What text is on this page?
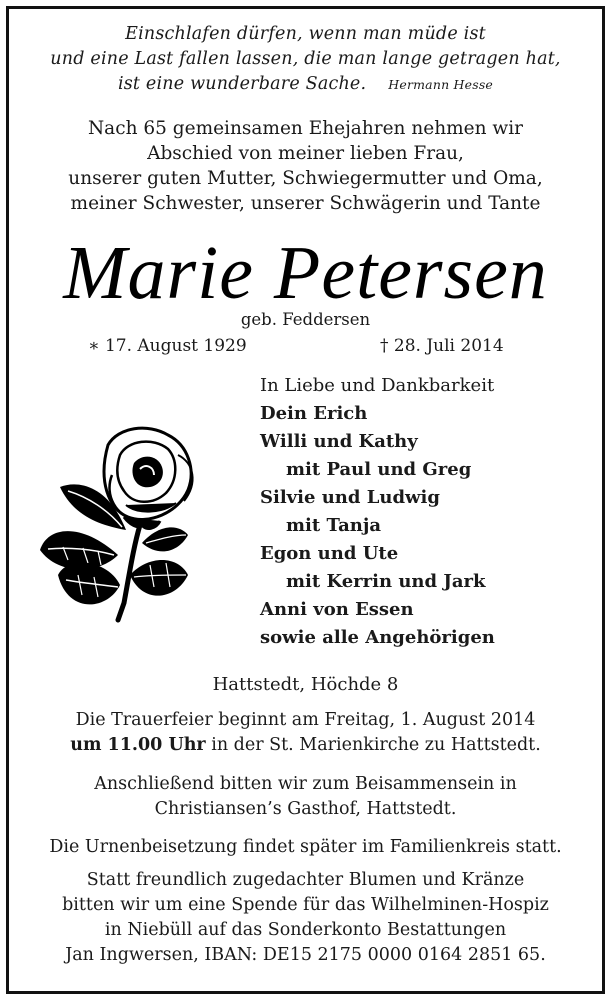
Einschlafen dürfen, wenn man müde ist
und eine Last fallen lassen, die man lange getragen hat,
ist eine wunderbare Sache. Hermann Hesse
Nach 65 gemeinsamen Ehejahren nehmen wir
Abschied von meiner lieben Frau,
unserer guten Mutter, Schwiegermutter und Oma,
meiner Schwester, unserer Schwägerin und Tante
Marie Petersen
geb. Feddersen
∗ 17. August 1929	† 28. Juli 2014
In Liebe und Dankbarkeit
Dein Erich
Willi und Kathy
mit Paul und Greg
Silvie und Ludwig
mit Tanja
Egon und Ute
mit Kerrin und Jark
Anni von Essen
sowie alle Angehörigen
Hattstedt, Höchde 8
Die Trauerfeier beginnt am Freitag, 1. August 2014
um 11.00 Uhr in der St. Marienkirche zu Hattstedt.
Anschließend bitten wir zum Beisammensein in
Christiansen’s Gasthof, Hattstedt.
Die Urnenbeisetzung findet später im Familienkreis statt.
Statt freundlich zugedachter Blumen und Kränze
bitten wir um eine Spende für das Wilhelminen-Hospiz
in Niebüll auf das Sonderkonto Bestattungen
Jan Ingwersen, IBAN: DE15 2175 0000 0164 2851 65.
